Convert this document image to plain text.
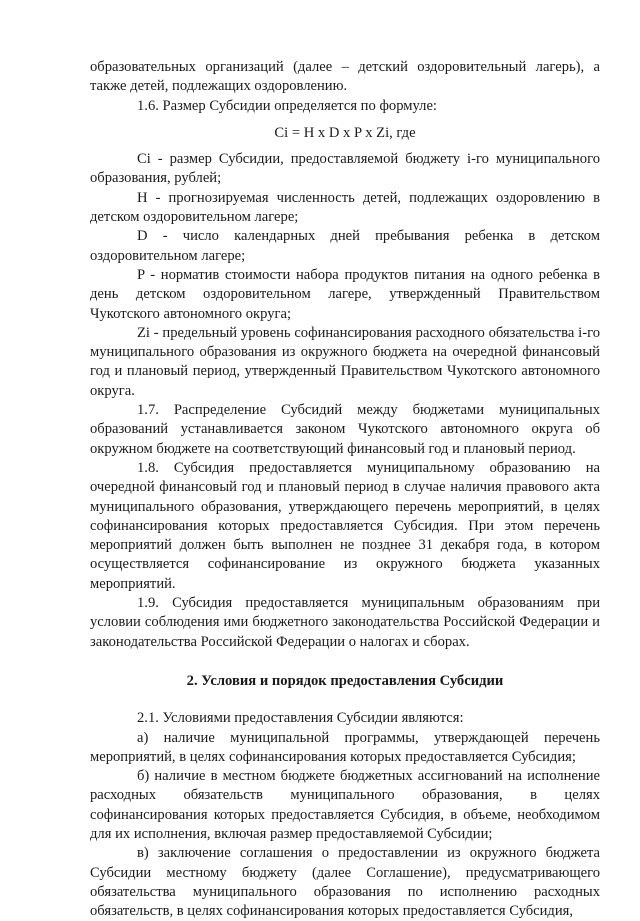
образовательных организаций (далее – детский оздоровительный лагерь), а также детей, подлежащих оздоровлению.

1.6. Размер Субсидии определяется по формуле:

Ci = H x D x P x Zi, где

Ci - размер Субсидии, предоставляемой бюджету i-го муниципального образования, рублей;

H - прогнозируемая численность детей, подлежащих оздоровлению в детском оздоровительном лагере;

D - число календарных дней пребывания ребенка в детском оздоровительном лагере;

P - норматив стоимости набора продуктов питания на одного ребенка в день детском оздоровительном лагере, утвержденный Правительством Чукотского автономного округа;

Zi - предельный уровень софинансирования расходного обязательства i-го муниципального образования из окружного бюджета на очередной финансовый год и плановый период, утвержденный Правительством Чукотского автономного округа.

1.7. Распределение Субсидий между бюджетами муниципальных образований устанавливается законом Чукотского автономного округа об окружном бюджете на соответствующий финансовый год и плановый период.

1.8. Субсидия предоставляется муниципальному образованию на очередной финансовый год и плановый период в случае наличия правового акта муниципального образования, утверждающего перечень мероприятий, в целях софинансирования которых предоставляется Субсидия. При этом перечень мероприятий должен быть выполнен не позднее 31 декабря года, в котором осуществляется софинансирование из окружного бюджета указанных мероприятий.

1.9. Субсидия предоставляется муниципальным образованиям при условии соблюдения ими бюджетного законодательства Российской Федерации и законодательства Российской Федерации о налогах и сборах.

2. Условия и порядок предоставления Субсидии

2.1. Условиями предоставления Субсидии являются:

а) наличие муниципальной программы, утверждающей перечень мероприятий, в целях софинансирования которых предоставляется Субсидия;

б) наличие в местном бюджете бюджетных ассигнований на исполнение расходных обязательств муниципального образования, в целях софинансирования которых предоставляется Субсидия, в объеме, необходимом для их исполнения, включая размер предоставляемой Субсидии;

в) заключение соглашения о предоставлении из окружного бюджета Субсидии местному бюджету (далее Соглашение), предусматривающего обязательства муниципального образования по исполнению расходных обязательств, в целях софинансирования которых предоставляется Субсидия,
